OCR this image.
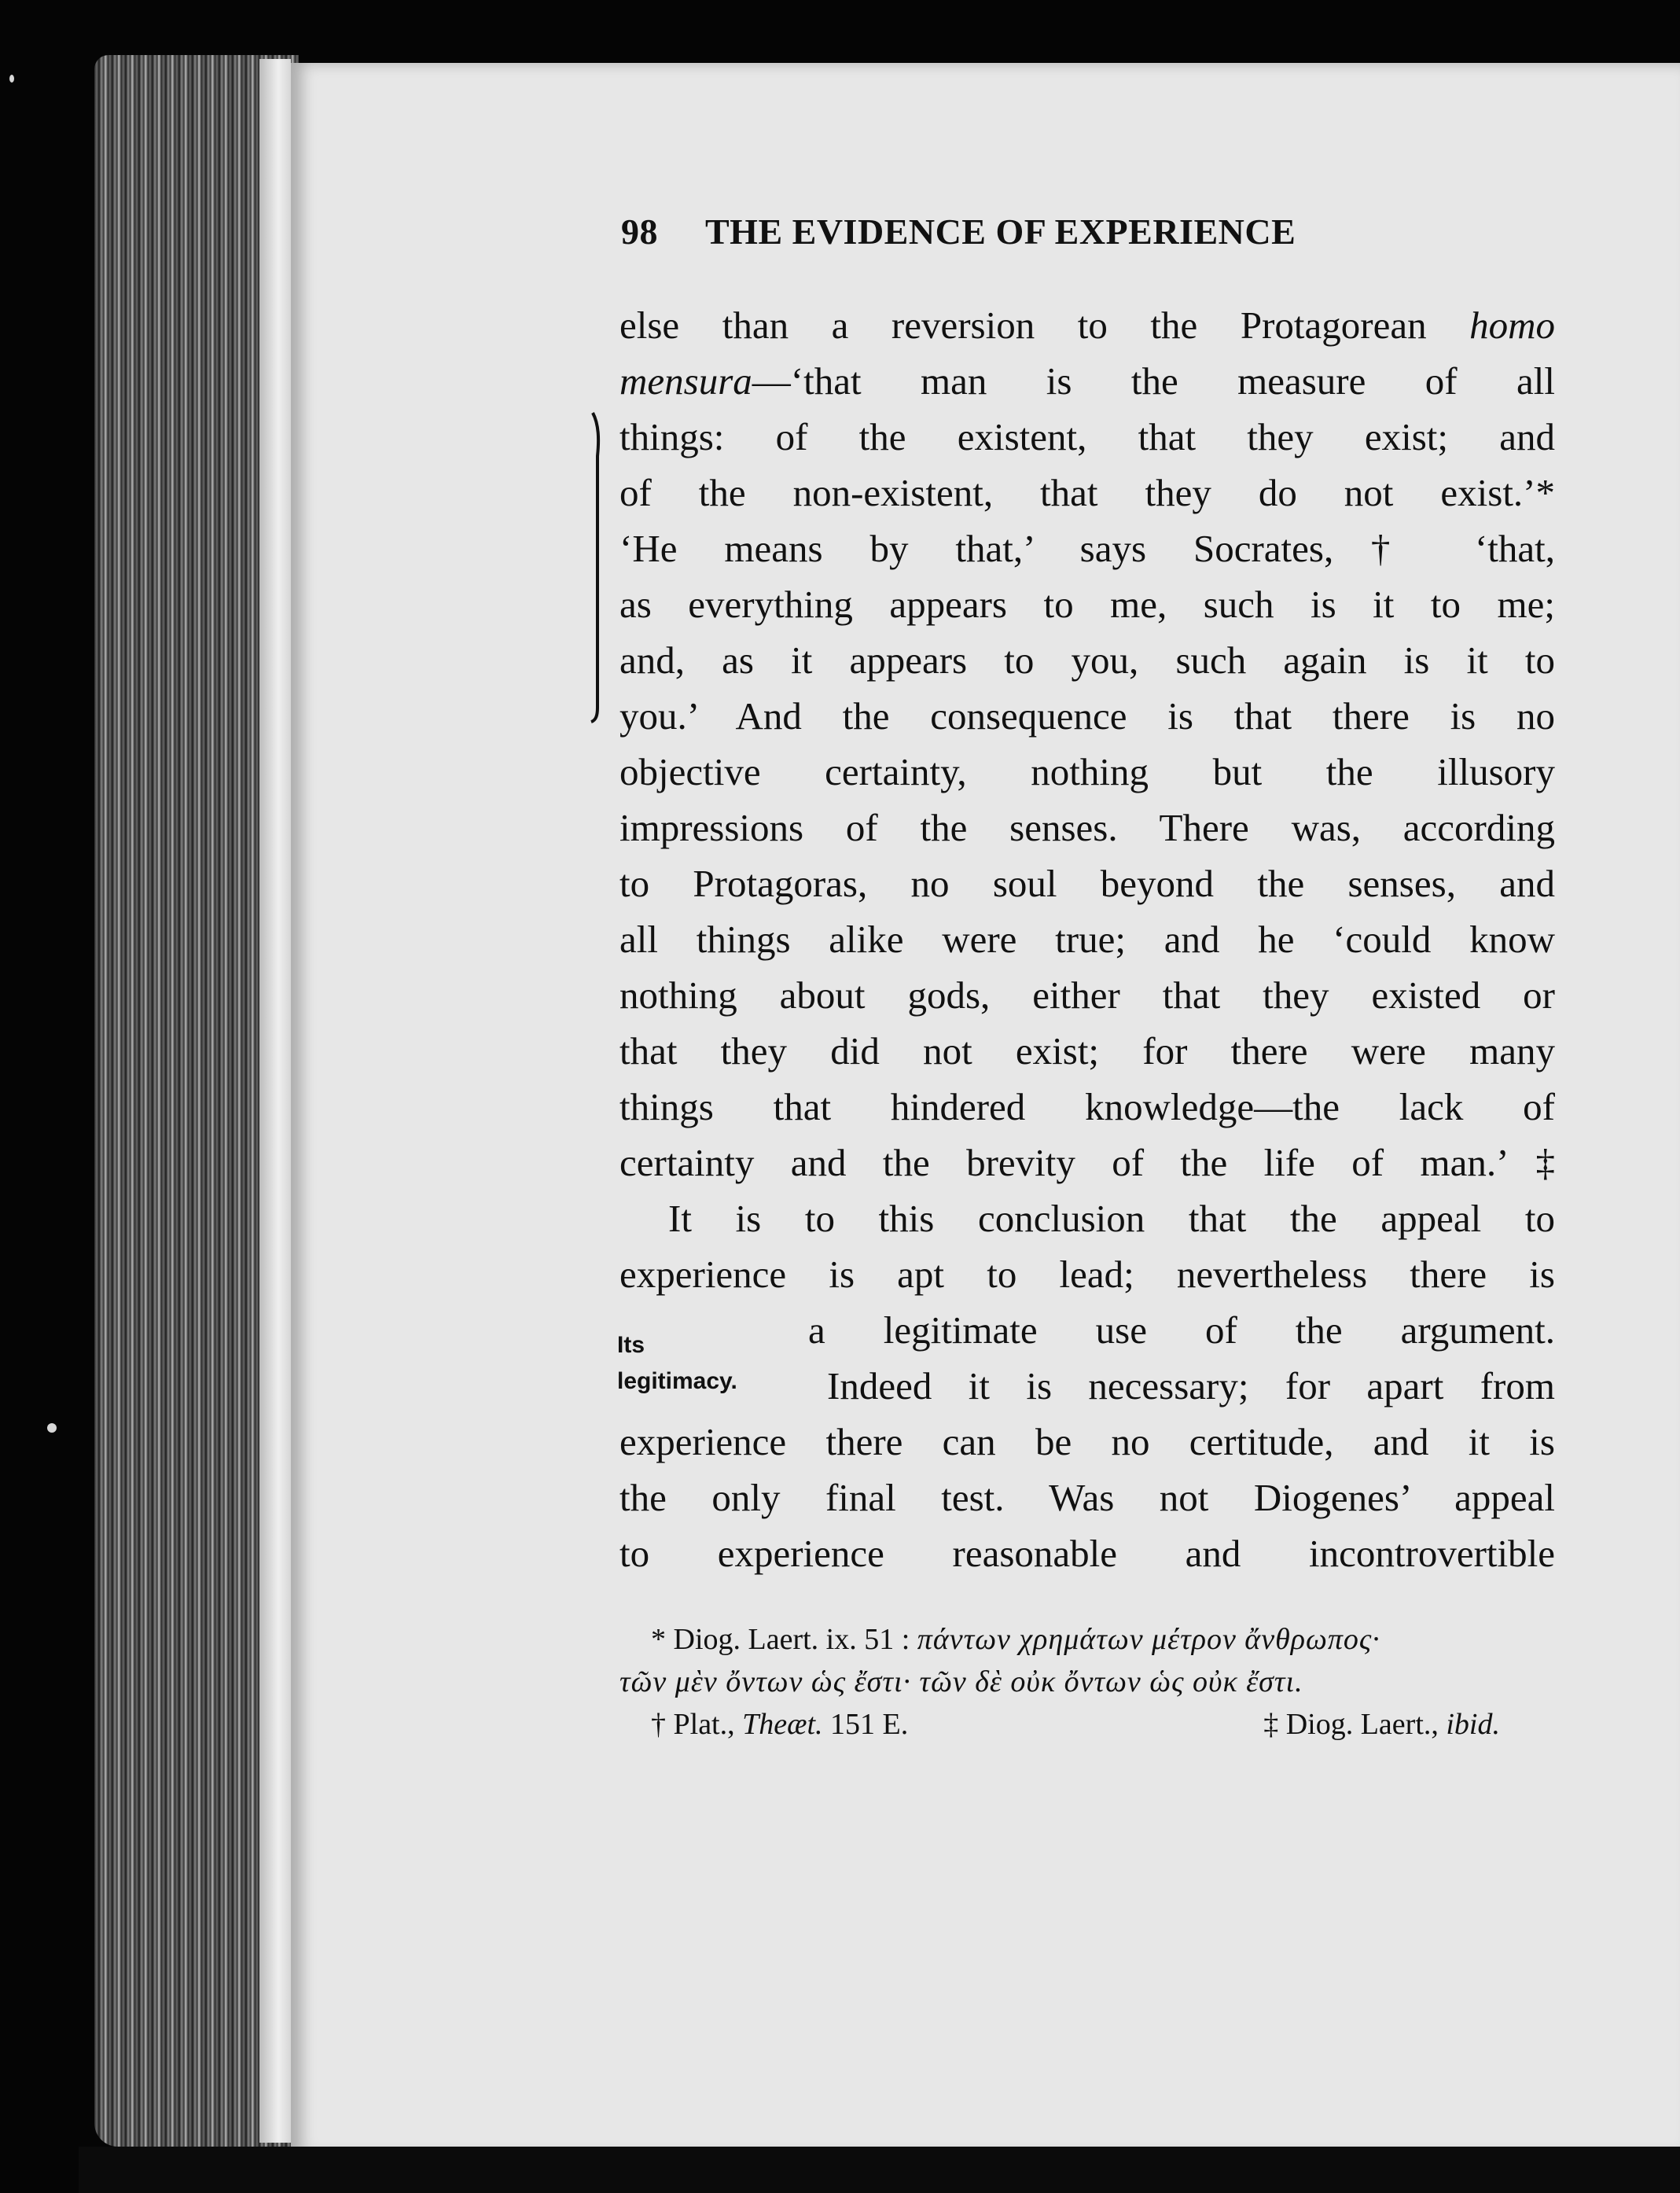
98 THE EVIDENCE OF EXPERIENCE
else than a reversion to the Protagorean homo
mensura—‘that man is the measure of all
things: of the existent, that they exist; and
of the non-existent, that they do not exist.’*
‘He means by that,’ says Socrates,† ‘that,
as everything appears to me, such is it to me;
and, as it appears to you, such again is it to
you.’ And the consequence is that there is no
objective certainty, nothing but the illusory
impressions of the senses. There was, according
to Protagoras, no soul beyond the senses, and
all things alike were true; and he ‘could know
nothing about gods, either that they existed or
that they did not exist; for there were many
things that hindered knowledge—the lack of
certainty and the brevity of the life of man.’‡
It is to this conclusion that the appeal to
experience is apt to lead; nevertheless there is
a legitimate use of the argument.
Indeed it is necessary; for apart from
experience there can be no certitude, and it is
the only final test. Was not Diogenes’ appeal
to experience reasonable and incontrovertible
Its
legitimacy.
* Diog. Laert. ix. 51 : πάντων χρημάτων μέτρον ἄνθρωπος·
τῶν μὲν ὄντων ὡς ἔστι· τῶν δὲ οὐκ ὄντων ὡς οὐκ ἔστι.
† Plat., Theæt. 151 E.	‡ Diog. Laert., ibid.
